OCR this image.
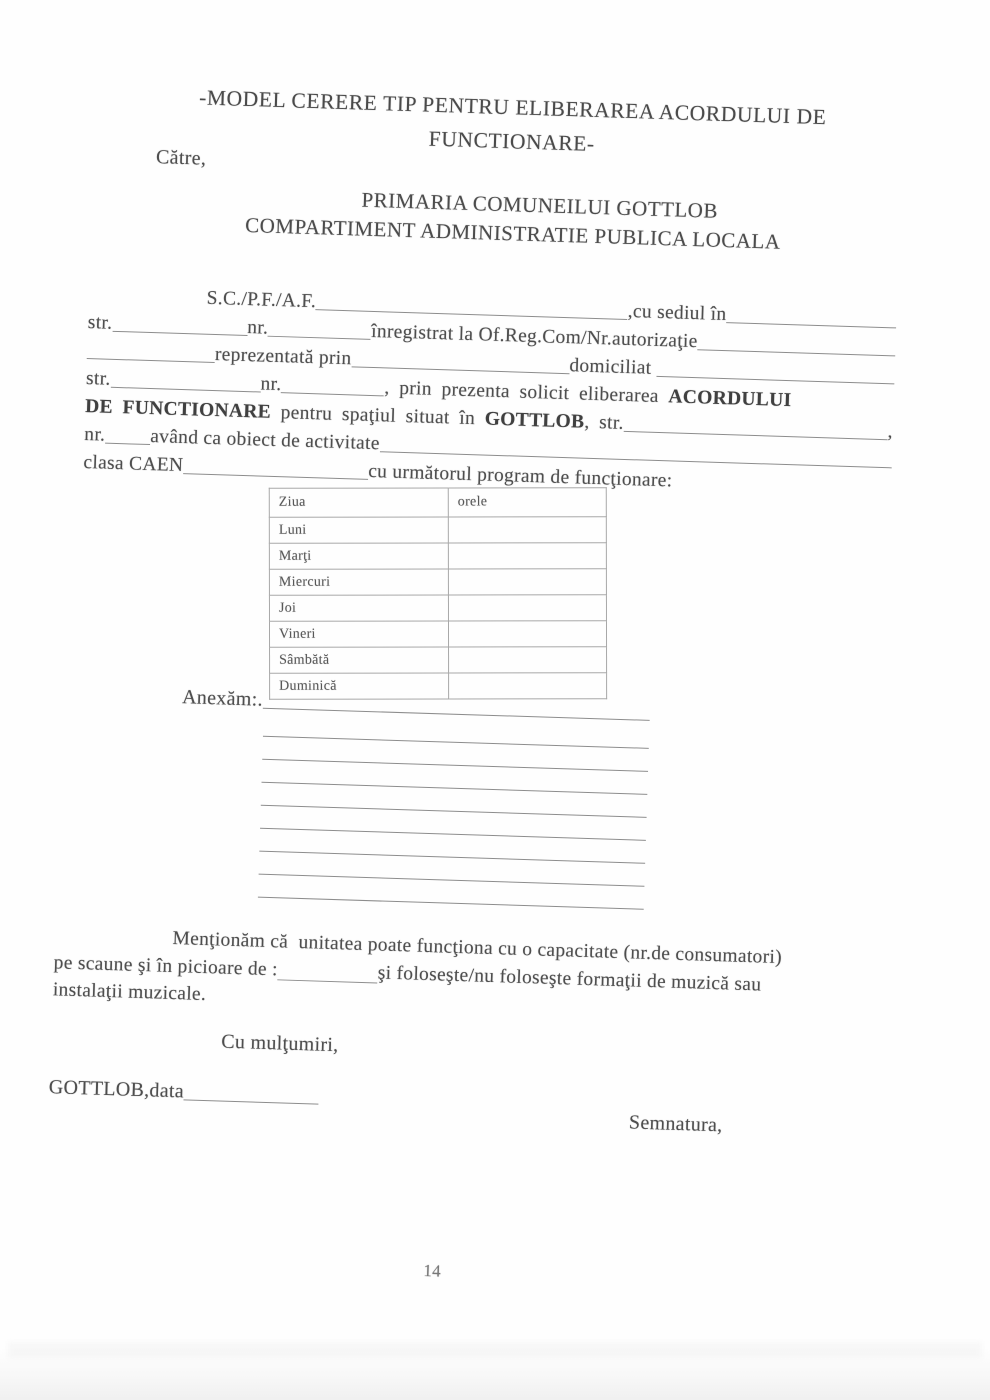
-MODEL CERERE TIP PENTRU ELIBERAREA ACORDULUI DE
FUNCTIONARE-
Către,
PRIMARIA COMUNEILUI GOTTLOB
COMPARTIMENT ADMINISTRATIE PUBLICA LOCALA
S.C./P.F./A.F.
,cu sediul în
str.	nr.	înregistrat la Of.Reg.Com/Nr.autorizaţie
reprezentată prin	domiciliat
str.	nr.	, prin prezenta solicit eliberarea ACORDULUI
DE FUNCTIONARE pentru spaţiul situat în GOTTLOB , str.	,
nr. având ca obiect de activitate
clasa CAEN	cu următorul program de funcţionare:
Ziua	orele
Luni	
Marţi	
Miercuri	
Joi	
Vineri	
Sâmbătă	
Duminică	
Anexăm:.
Menţionăm că  unitatea poate funcţiona cu o capacitate (nr.de consumatori)
pe scaune şi în picioare de :	şi foloseşte/nu foloseşte formaţii de muzică sau
instalaţii muzicale.
Cu mulţumiri,
GOTTLOB,data
Semnatura,
14
